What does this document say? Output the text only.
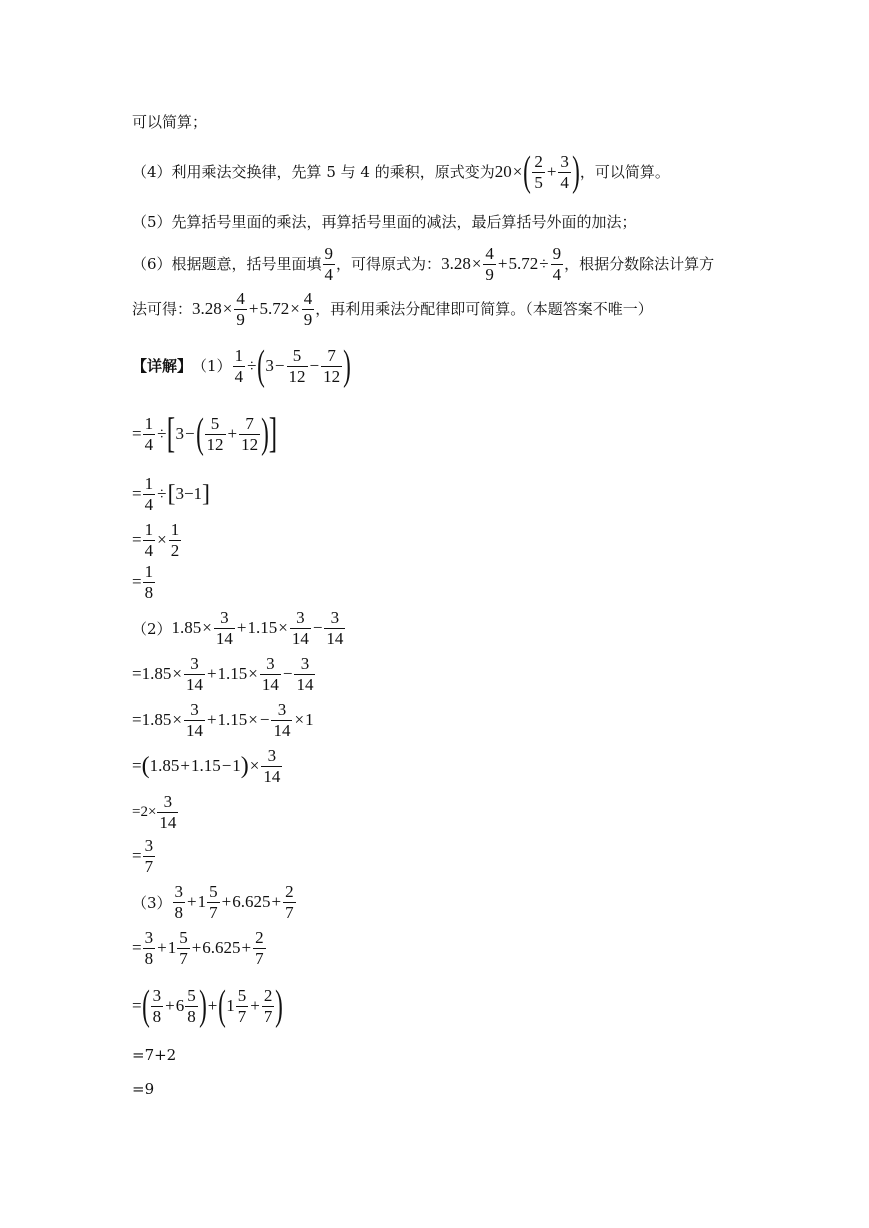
可以简算；
（4）利用乘法交换律，先算 5 与 4 的乘积，原式变为 20 × ( $\frac{2}{5} + \frac{3}{4}$ ) ，可以简算。
（5）先算括号里面的乘法，再算括号里面的减法，最后算括号外面的加法；
（6）根据题意，括号里面填 $\frac{9}{4}$ ，可得原式为： $3.28 \times \frac{4}{9} + 5.72 \div \frac{9}{4}$ ，根据分数除法计算方
法可得： $3.28 \times \frac{4}{9} + 5.72 \times \frac{4}{9}$ ，再利用乘法分配律即可简算。（本题答案不唯一）
【详解】 $(1) \frac{1}{4}$ ÷ ( $3 - \frac{5}{12} - \frac{7}{12}$ )
= $\frac{1}{4}$ ÷ [ 3 − ( $\frac{5}{12} + \frac{7}{12}$ ) ]
= $\frac{1}{4}$ ÷ [ 3−1 ]
= $\frac{1}{4} \times \frac{1}{2}$
= $\frac{1}{8}$
（2） $1.85 \times \frac{3}{14} + 1.15 \times \frac{3}{14} - \frac{3}{14}$
= $1.85 \times \frac{3}{14} + 1.15 \times \frac{3}{14} - \frac{3}{14}$
= $1.85 \times \frac{3}{14} + 1.15$ × − $\frac{3}{14} \times 1$
= ( 1.85 + 1.15 − 1 ) × $\frac{3}{14}$
$=2\times \frac{3}{14}$
= $\frac{3}{7}$
$(3) \frac{3}{8} + 1 \frac{5}{7} + 6.625 + \frac{2}{7}$
= $\frac{3}{8} + 1 \frac{5}{7} + 6.625 + \frac{2}{7}$
= ( $\frac{3}{8} + 6 \frac{5}{8}$ ) + ( $1 \frac{5}{7} + \frac{2}{7}$ )
=7+2
=9
